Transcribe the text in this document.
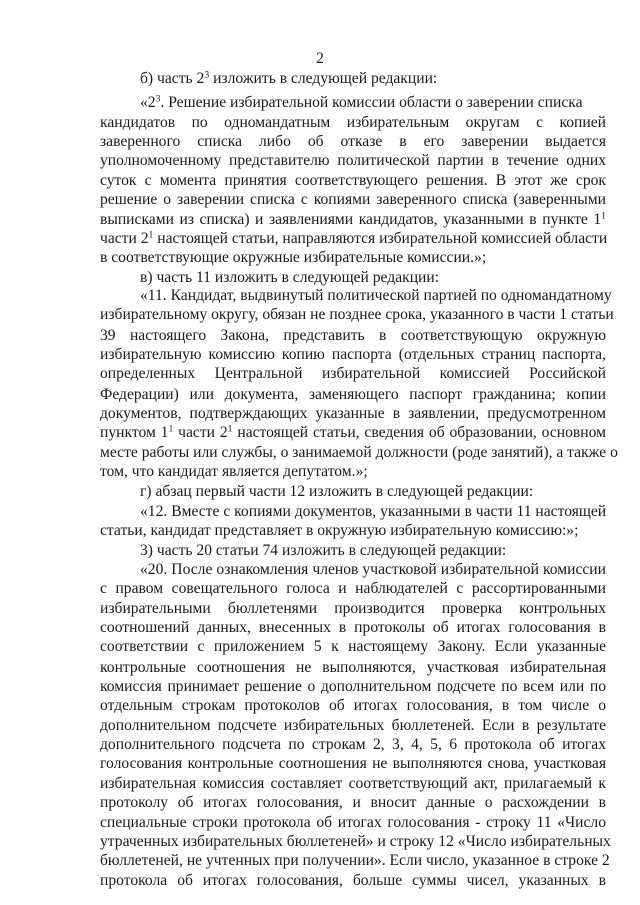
2
б) часть $2^3$ изложить в следующей редакции:
«$2^3$. Решение избирательной комиссии области о заверении списка
кандидатов по одномандатным избирательным округам с копией
заверенного списка либо об отказе в его заверении выдается
уполномоченному представителю политической партии в течение одних
суток с момента принятия соответствующего решения. В этот же срок
решение о заверении списка с копиями заверенного списка (заверенными
выписками из списка) и заявлениями кандидатов, указанными в пункте $1^1$
части $2^1$ настоящей статьи, направляются избирательной комиссией области
в соответствующие окружные избирательные комиссии.»;
в) часть 11 изложить в следующей редакции:
«11. Кандидат, выдвинутый политической партией по одномандатному
избирательному округу, обязан не позднее срока, указанного в части 1 статьи
39 настоящего Закона, представить в соответствующую окружную
избирательную комиссию копию паспорта (отдельных страниц паспорта,
определенных Центральной избирательной комиссией Российской
Федерации) или документа, заменяющего паспорт гражданина; копии
документов, подтверждающих указанные в заявлении, предусмотренном
пунктом $1^1$ части $2^1$ настоящей статьи, сведения об образовании, основном
месте работы или службы, о занимаемой должности (роде занятий), а также о
том, что кандидат является депутатом.»;
г) абзац первый части 12 изложить в следующей редакции:
«12. Вместе с копиями документов, указанными в части 11 настоящей
статьи, кандидат представляет в окружную избирательную комиссию:»;
3) часть 20 статьи 74 изложить в следующей редакции:
«20. После ознакомления членов участковой избирательной комиссии
с правом совещательного голоса и наблюдателей с рассортированными
избирательными бюллетенями производится проверка контрольных
соотношений данных, внесенных в протоколы об итогах голосования в
соответствии с приложением 5 к настоящему Закону. Если указанные
контрольные соотношения не выполняются, участковая избирательная
комиссия принимает решение о дополнительном подсчете по всем или по
отдельным строкам протоколов об итогах голосования, в том числе о
дополнительном подсчете избирательных бюллетеней. Если в результате
дополнительного подсчета по строкам 2, 3, 4, 5, 6 протокола об итогах
голосования контрольные соотношения не выполняются снова, участковая
избирательная комиссия составляет соответствующий акт, прилагаемый к
протоколу об итогах голосования, и вносит данные о расхождении в
специальные строки протокола об итогах голосования - строку 11 «Число
утраченных избирательных бюллетеней» и строку 12 «Число избирательных
бюллетеней, не учтенных при получении». Если число, указанное в строке 2
протокола об итогах голосования, больше суммы чисел, указанных в
